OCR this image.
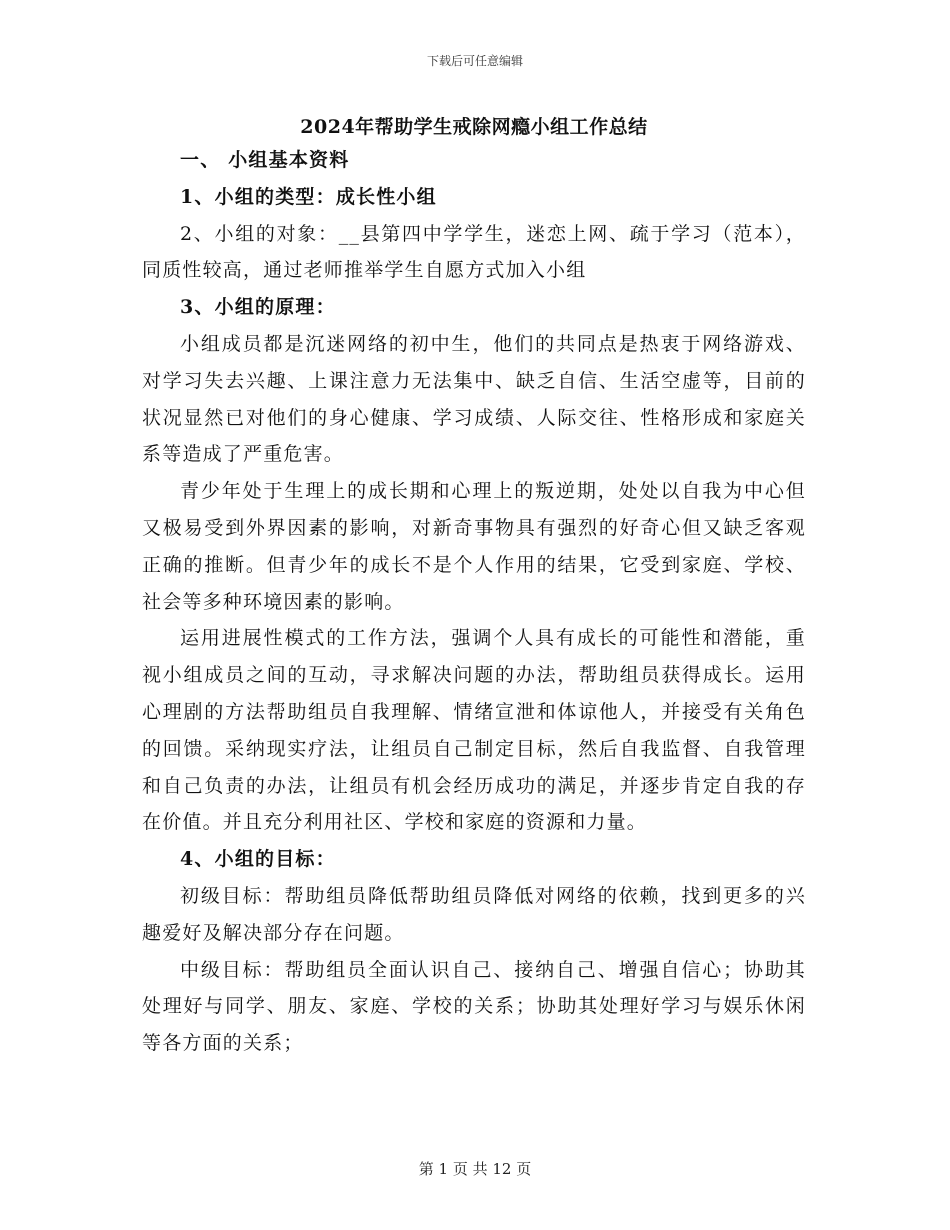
下载后可任意编辑
2024年帮助学生戒除网瘾小组工作总结

一、 小组基本资料

1、小组的类型：成长性小组

2、小组的对象：__县第四中学学生，迷恋上网、疏于学习（范本），同质性较高，通过老师推举学生自愿方式加入小组

3、小组的原理：

小组成员都是沉迷网络的初中生，他们的共同点是热衷于网络游戏、对学习失去兴趣、上课注意力无法集中、缺乏自信、生活空虚等，目前的状况显然已对他们的身心健康、学习成绩、人际交往、性格形成和家庭关系等造成了严重危害。

青少年处于生理上的成长期和心理上的叛逆期，处处以自我为中心但又极易受到外界因素的影响，对新奇事物具有强烈的好奇心但又缺乏客观正确的推断。但青少年的成长不是个人作用的结果，它受到家庭、学校、社会等多种环境因素的影响。

运用进展性模式的工作方法，强调个人具有成长的可能性和潜能，重视小组成员之间的互动，寻求解决问题的办法，帮助组员获得成长。运用心理剧的方法帮助组员自我理解、情绪宣泄和体谅他人，并接受有关角色的回馈。采纳现实疗法，让组员自己制定目标，然后自我监督、自我管理和自己负责的办法，让组员有机会经历成功的满足，并逐步肯定自我的存在价值。并且充分利用社区、学校和家庭的资源和力量。

4、小组的目标：

初级目标：帮助组员降低帮助组员降低对网络的依赖，找到更多的兴趣爱好及解决部分存在问题。

中级目标：帮助组员全面认识自己、接纳自己、增强自信心；协助其处理好与同学、朋友、家庭、学校的关系；协助其处理好学习与娱乐休闲等各方面的关系；

第 1 页 共 12 页
